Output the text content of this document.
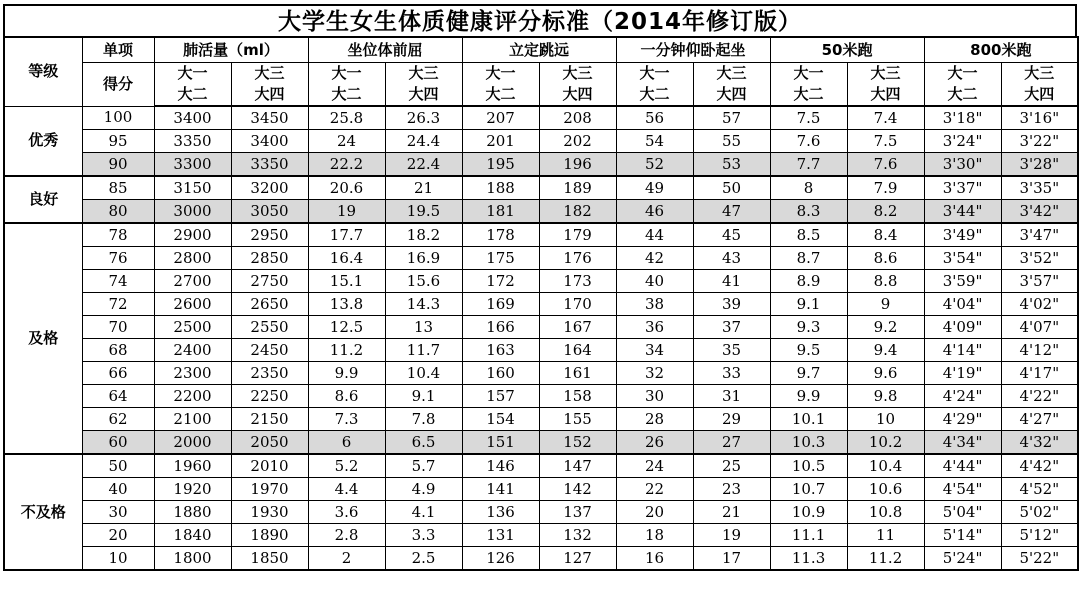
大学生女生体质健康评分标准（2014年修订版）
等级	单项	肺活量（ml）		坐位体前屈		立定跳远		一分钟仰卧起坐		50米跑		800米跑	
	得分	大一	大三	大一	大三	大一	大三	大一	大三	大一	大三	大一	大三
		大二	大四	大二	大四	大二	大四	大二	大四	大二	大四	大二	大四
优秀	100	3400	3450	25.8	26.3	207	208	56	57	7.5	7.4	3'18"	3'16"
	95	3350	3400	24	24.4	201	202	54	55	7.6	7.5	3'24"	3'22"
	90	3300	3350	22.2	22.4	195	196	52	53	7.7	7.6	3'30"	3'28"
良好	85	3150	3200	20.6	21	188	189	49	50	8	7.9	3'37"	3'35"
	80	3000	3050	19	19.5	181	182	46	47	8.3	8.2	3'44"	3'42"
及格	78	2900	2950	17.7	18.2	178	179	44	45	8.5	8.4	3'49"	3'47"
	76	2800	2850	16.4	16.9	175	176	42	43	8.7	8.6	3'54"	3'52"
	74	2700	2750	15.1	15.6	172	173	40	41	8.9	8.8	3'59"	3'57"
	72	2600	2650	13.8	14.3	169	170	38	39	9.1	9	4'04"	4'02"
	70	2500	2550	12.5	13	166	167	36	37	9.3	9.2	4'09"	4'07"
	68	2400	2450	11.2	11.7	163	164	34	35	9.5	9.4	4'14"	4'12"
	66	2300	2350	9.9	10.4	160	161	32	33	9.7	9.6	4'19"	4'17"
	64	2200	2250	8.6	9.1	157	158	30	31	9.9	9.8	4'24"	4'22"
	62	2100	2150	7.3	7.8	154	155	28	29	10.1	10	4'29"	4'27"
	60	2000	2050	6	6.5	151	152	26	27	10.3	10.2	4'34"	4'32"
不及格	50	1960	2010	5.2	5.7	146	147	24	25	10.5	10.4	4'44"	4'42"
	40	1920	1970	4.4	4.9	141	142	22	23	10.7	10.6	4'54"	4'52"
	30	1880	1930	3.6	4.1	136	137	20	21	10.9	10.8	5'04"	5'02"
	20	1840	1890	2.8	3.3	131	132	18	19	11.1	11	5'14"	5'12"
	10	1800	1850	2	2.5	126	127	16	17	11.3	11.2	5'24"	5'22"
